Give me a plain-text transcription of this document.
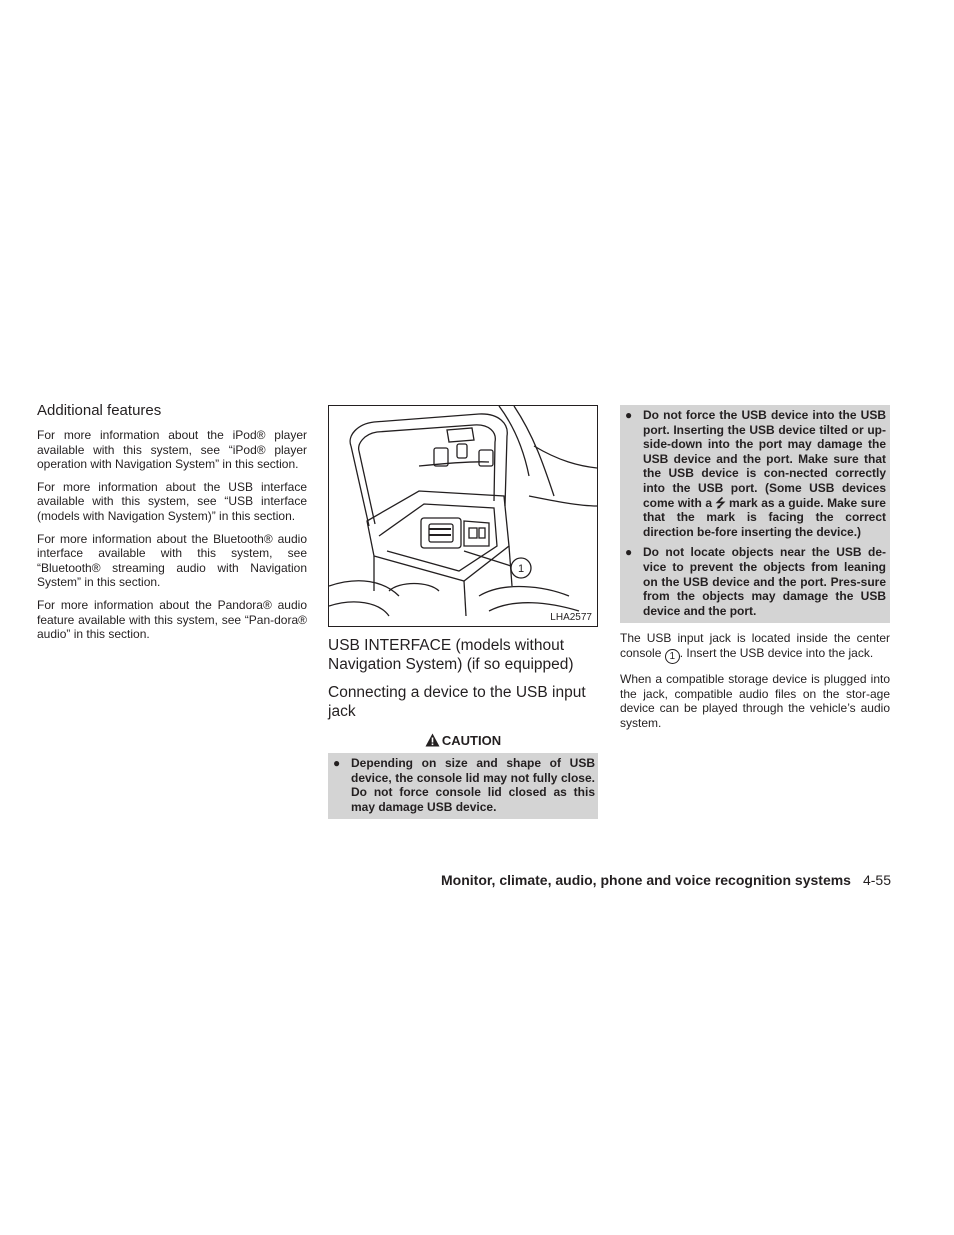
Additional features

For more information about the iPod® player available with this system, see “iPod® player operation with Navigation System” in this section.

For more information about the USB interface available with this system, see “USB interface (models with Navigation System)” in this section.

For more information about the Bluetooth® audio interface available with this system, see “Bluetooth® streaming audio with Navigation System” in this section.

For more information about the Pandora® audio feature available with this system, see “Pan-dora® audio” in this section.

1
LHA2577
USB INTERFACE (models without Navigation System) (if so equipped)
Connecting a device to the USB input jack
CAUTION
● Depending on size and shape of USB device, the console lid may not fully close. Do not force console lid closed as this may damage USB device.
● Do not force the USB device into the USB port. Inserting the USB device tilted or up-side-down into the port may damage the USB device and the port. Make sure that the USB device is con-nected correctly into the USB port. (Some USB devices come with a ⭍ mark as a guide. Make sure that the mark is facing the correct direction be-fore inserting the device.)
● Do not locate objects near the USB de-vice to prevent the objects from leaning on the USB device and the port. Pres-sure from the objects may damage the USB device and the port.

The USB input jack is located inside the center console 1 . Insert the USB device into the jack.

When a compatible storage device is plugged into the jack, compatible audio files on the stor-age device can be played through the vehicle’s audio system.

Monitor, climate, audio, phone and voice recognition systems 4-55
